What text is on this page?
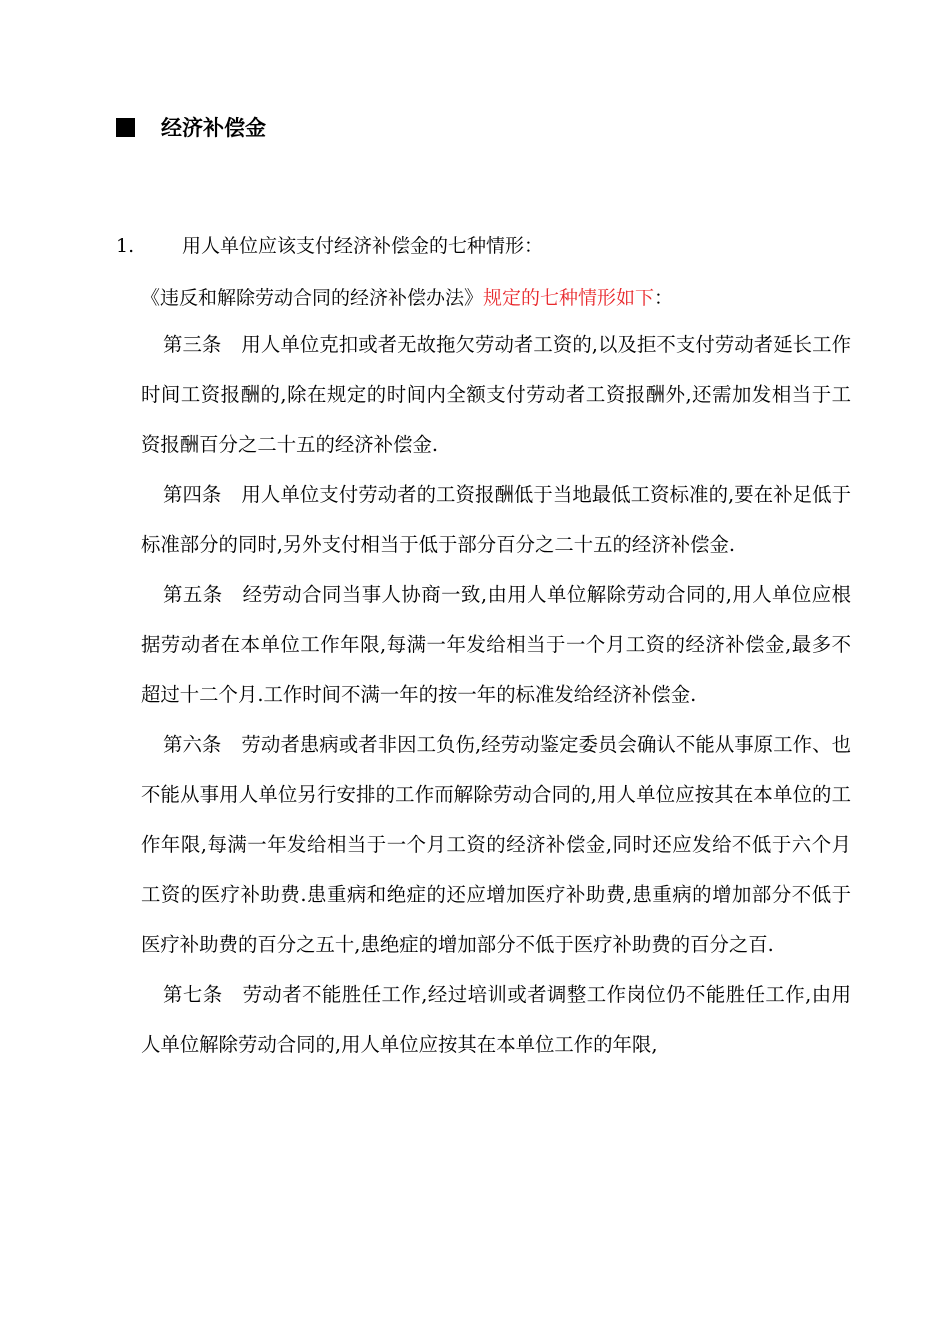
经济补偿金
1.	用人单位应该支付经济补偿金的七种情形：
《违反和解除劳动合同的经济补偿办法》规定的七种情形如下：

第三条 用人单位克扣或者无故拖欠劳动者工资的,以及拒不支付劳动者延长工作时间工资报酬的,除在规定的时间内全额支付劳动者工资报酬外,还需加发相当于工资报酬百分之二十五的经济补偿金.

第四条 用人单位支付劳动者的工资报酬低于当地最低工资标准的,要在补足低于标准部分的同时,另外支付相当于低于部分百分之二十五的经济补偿金.

第五条 经劳动合同当事人协商一致,由用人单位解除劳动合同的,用人单位应根据劳动者在本单位工作年限,每满一年发给相当于一个月工资的经济补偿金,最多不超过十二个月.工作时间不满一年的按一年的标准发给经济补偿金.

第六条 劳动者患病或者非因工负伤,经劳动鉴定委员会确认不能从事原工作、也不能从事用人单位另行安排的工作而解除劳动合同的,用人单位应按其在本单位的工作年限,每满一年发给相当于一个月工资的经济补偿金,同时还应发给不低于六个月工资的医疗补助费.患重病和绝症的还应增加医疗补助费,患重病的增加部分不低于医疗补助费的百分之五十,患绝症的增加部分不低于医疗补助费的百分之百.

第七条 劳动者不能胜任工作,经过培训或者调整工作岗位仍不能胜任工作,由用人单位解除劳动合同的,用人单位应按其在本单位工作的年限,
